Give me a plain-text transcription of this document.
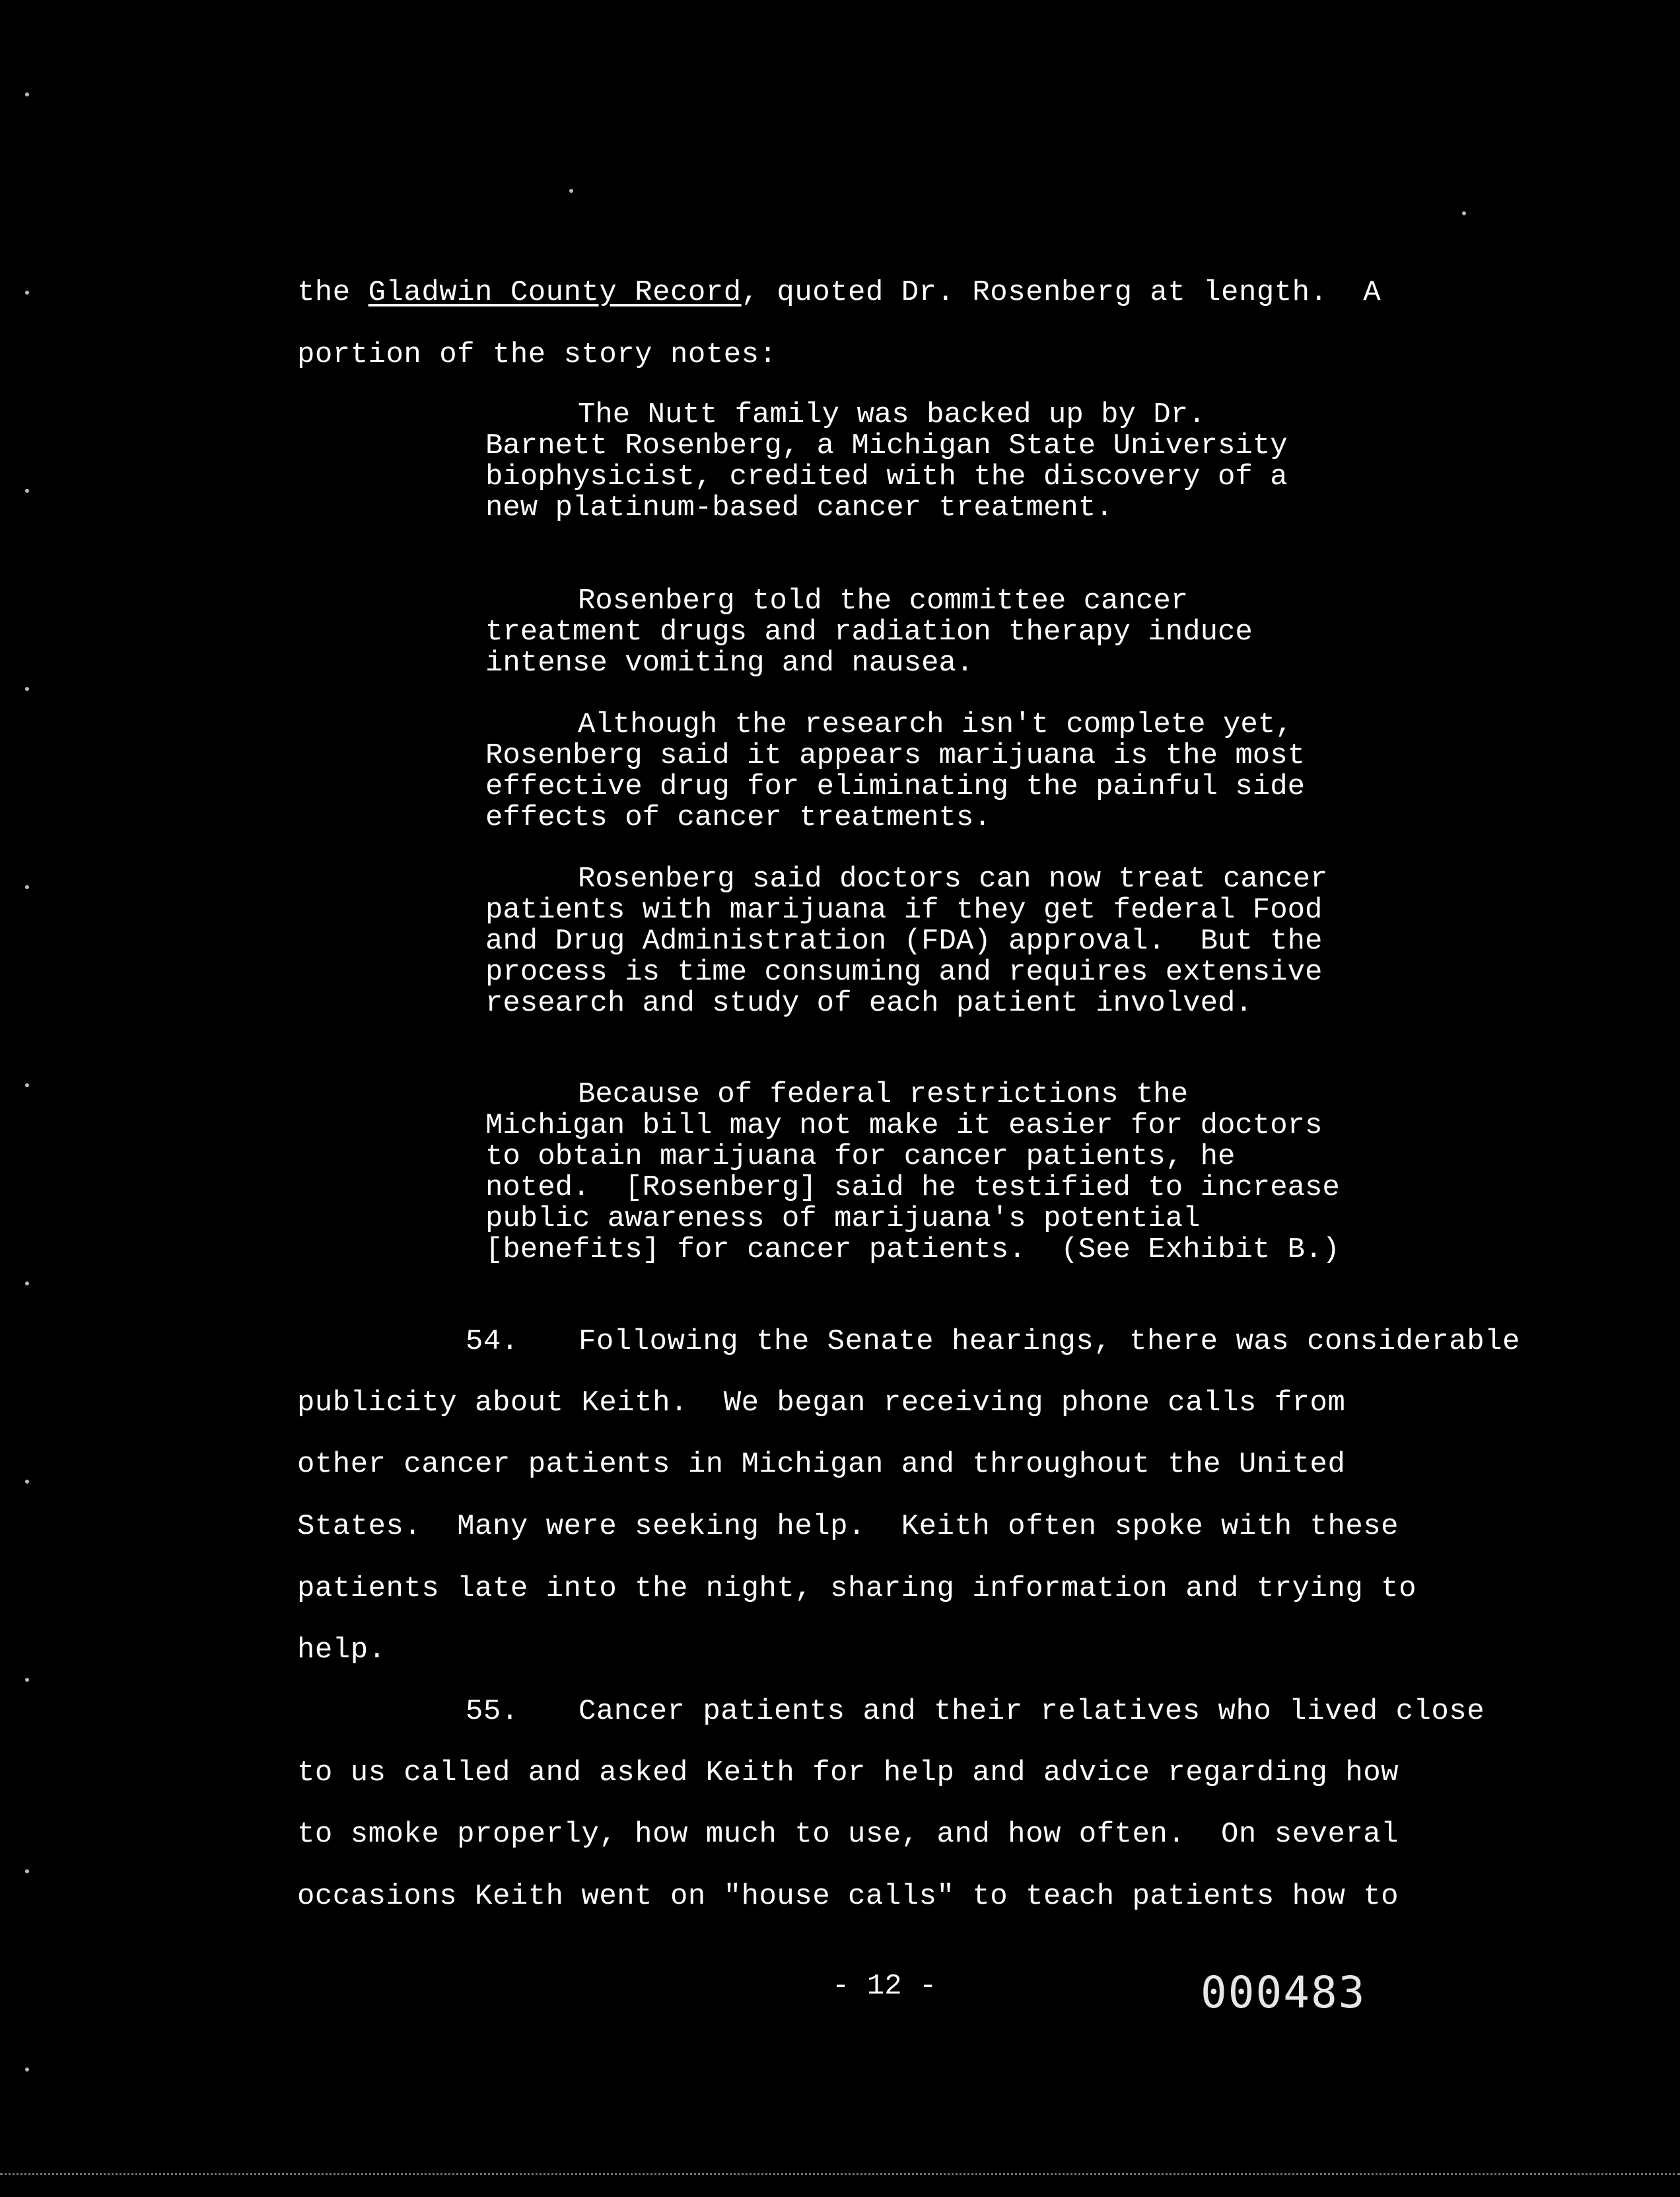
the Gladwin County Record, quoted Dr. Rosenberg at length.  A
portion of the story notes:
The Nutt family was backed up by Dr. Barnett Rosenberg, a Michigan State University biophysicist, credited with the discovery of a new platinum-based cancer treatment.
Rosenberg told the committee cancer treatment drugs and radiation therapy induce intense vomiting and nausea.
Although the research isn't complete yet, Rosenberg said it appears marijuana is the most effective drug for eliminating the painful side effects of cancer treatments.
Rosenberg said doctors can now treat cancer patients with marijuana if they get federal Food and Drug Administration (FDA) approval.  But the process is time consuming and requires extensive research and study of each patient involved.
Because of federal restrictions the Michigan bill may not make it easier for doctors to obtain marijuana for cancer patients, he noted.  [Rosenberg] said he testified to increase public awareness of marijuana's potential [benefits] for cancer patients.  (See Exhibit B.)
54. Following the Senate hearings, there was considerable
publicity about Keith.  We began receiving phone calls from
other cancer patients in Michigan and throughout the United
States.  Many were seeking help.  Keith often spoke with these
patients late into the night, sharing information and trying to
help.
55. Cancer patients and their relatives who lived close
to us called and asked Keith for help and advice regarding how
to smoke properly, how much to use, and how often.  On several
occasions Keith went on "house calls" to teach patients how to
- 12 -	000483
